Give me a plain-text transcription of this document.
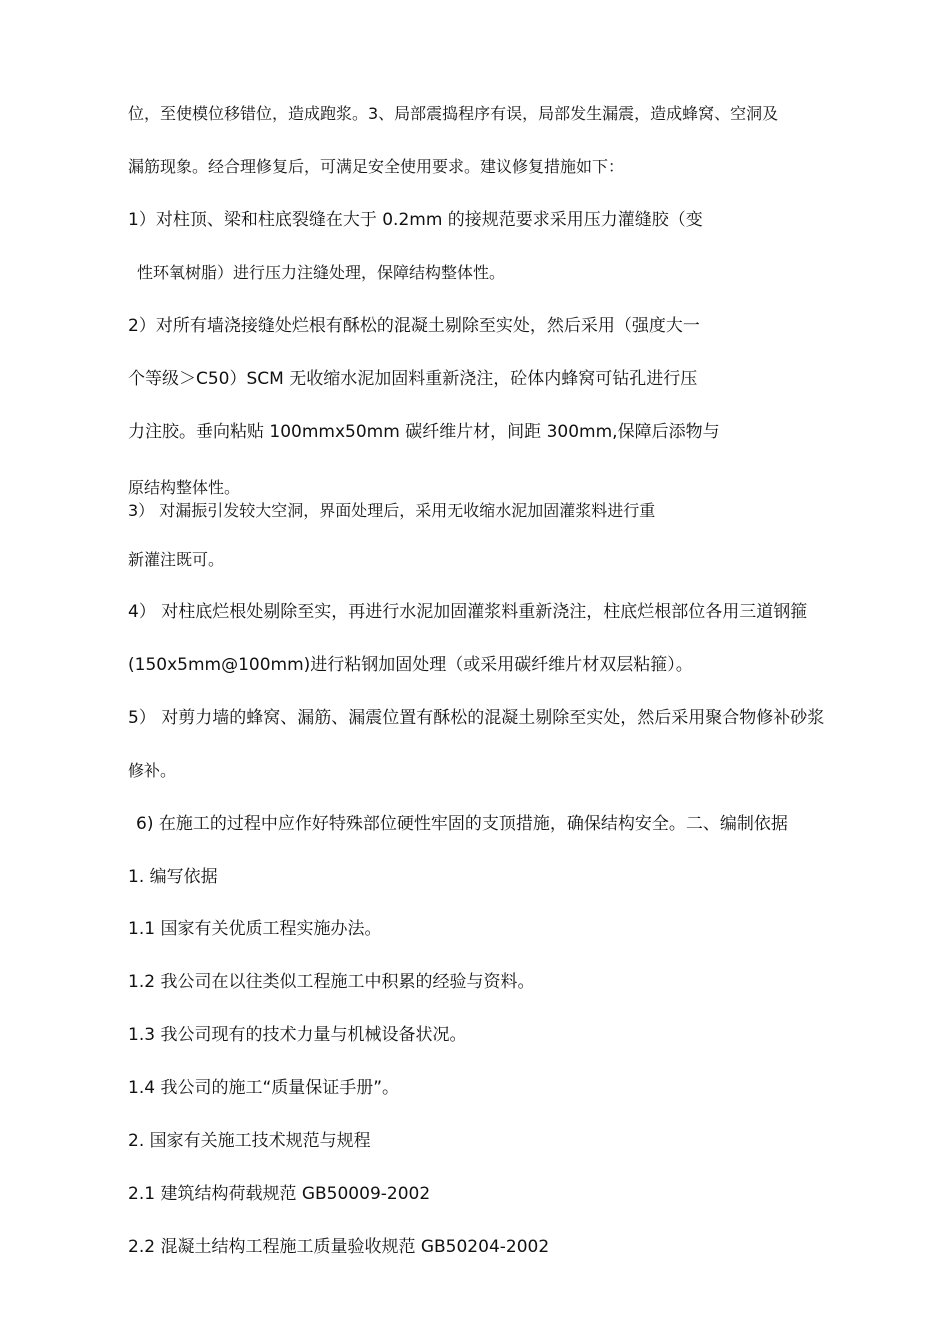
位，至使模位移错位，造成跑浆。3、局部震捣程序有误，局部发生漏震，造成蜂窝、空洞及
漏筋现象。经合理修复后，可满足安全使用要求。建议修复措施如下：
1）对柱顶、梁和柱底裂缝在大于 0.2mm 的接规范要求采用压力灌缝胶（变
性环氧树脂）进行压力注缝处理，保障结构整体性。
2）对所有墙浇接缝处烂根有酥松的混凝土剔除至实处，然后采用（强度大一
个等级＞C50）SCM 无收缩水泥加固料重新浇注，砼体内蜂窝可钻孔进行压
力注胶。垂向粘贴 100mmx50mm 碳纤维片材，间距 300mm,保障后添物与
原结构整体性。
3） 对漏振引发较大空洞，界面处理后，采用无收缩水泥加固灌浆料进行重
新灌注既可。
4） 对柱底烂根处剔除至实，再进行水泥加固灌浆料重新浇注，柱底烂根部位各用三道钢箍
(150x5mm@100mm)进行粘钢加固处理（或采用碳纤维片材双层粘箍）。
5） 对剪力墙的蜂窝、漏筋、漏震位置有酥松的混凝土剔除至实处，然后采用聚合物修补砂浆
修补。
6) 在施工的过程中应作好特殊部位硬性牢固的支顶措施，确保结构安全。二、编制依据
1. 编写依据
1.1 国家有关优质工程实施办法。
1.2 我公司在以往类似工程施工中积累的经验与资料。
1.3 我公司现有的技术力量与机械设备状况。
1.4 我公司的施工“质量保证手册”。
2. 国家有关施工技术规范与规程
2.1 建筑结构荷载规范 GB50009-2002
2.2 混凝土结构工程施工质量验收规范 GB50204-2002
